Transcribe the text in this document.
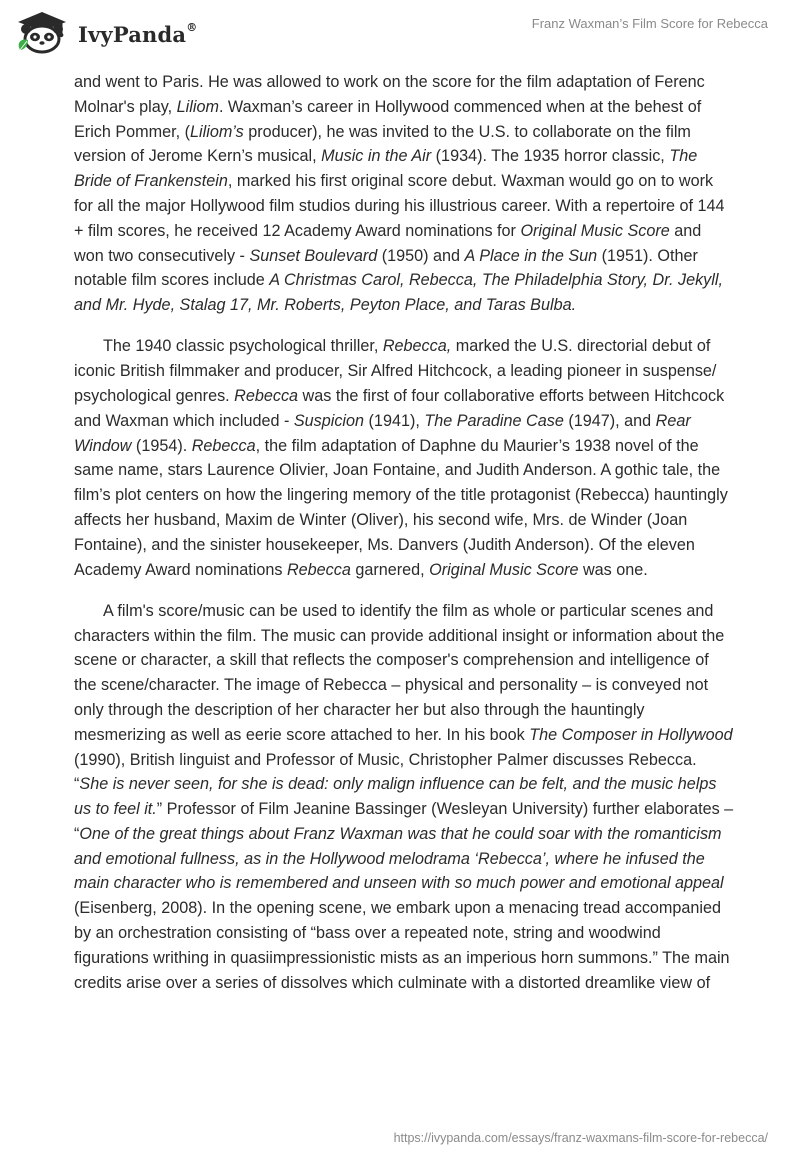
IvyPanda®	Franz Waxman’s Film Score for Rebecca

and went to Paris. He was allowed to work on the score for the film adaptation of Ferenc Molnar's play, Liliom. Waxman’s career in Hollywood commenced when at the behest of Erich Pommer, (Liliom’s producer), he was invited to the U.S. to collaborate on the film version of Jerome Kern’s musical, Music in the Air (1934). The 1935 horror classic, The Bride of Frankenstein, marked his first original score debut. Waxman would go on to work for all the major Hollywood film studios during his illustrious career. With a repertoire of 144 + film scores, he received 12 Academy Award nominations for Original Music Score and won two consecutively - Sunset Boulevard (1950) and A Place in the Sun (1951). Other notable film scores include A Christmas Carol, Rebecca, The Philadelphia Story, Dr. Jekyll, and Mr. Hyde, Stalag 17, Mr. Roberts, Peyton Place, and Taras Bulba.

The 1940 classic psychological thriller, Rebecca, marked the U.S. directorial debut of iconic British filmmaker and producer, Sir Alfred Hitchcock, a leading pioneer in suspense/ psychological genres. Rebecca was the first of four collaborative efforts between Hitchcock and Waxman which included - Suspicion (1941), The Paradine Case (1947), and Rear Window (1954). Rebecca, the film adaptation of Daphne du Maurier’s 1938 novel of the same name, stars Laurence Olivier, Joan Fontaine, and Judith Anderson. A gothic tale, the film’s plot centers on how the lingering memory of the title protagonist (Rebecca) hauntingly affects her husband, Maxim de Winter (Oliver), his second wife, Mrs. de Winder (Joan Fontaine), and the sinister housekeeper, Ms. Danvers (Judith Anderson). Of the eleven Academy Award nominations Rebecca garnered, Original Music Score was one.

A film's score/music can be used to identify the film as whole or particular scenes and characters within the film. The music can provide additional insight or information about the scene or character, a skill that reflects the composer's comprehension and intelligence of the scene/character. The image of Rebecca – physical and personality – is conveyed not only through the description of her character her but also through the hauntingly mesmerizing as well as eerie score attached to her. In his book The Composer in Hollywood (1990), British linguist and Professor of Music, Christopher Palmer discusses Rebecca. “She is never seen, for she is dead: only malign influence can be felt, and the music helps us to feel it.” Professor of Film Jeanine Bassinger (Wesleyan University) further elaborates – “One of the great things about Franz Waxman was that he could soar with the romanticism and emotional fullness, as in the Hollywood melodrama ‘Rebecca’, where he infused the main character who is remembered and unseen with so much power and emotional appeal (Eisenberg, 2008). In the opening scene, we embark upon a menacing tread accompanied by an orchestration consisting of “bass over a repeated note, string and woodwind figurations writhing in quasiimpressionistic mists as an imperious horn summons.” The main credits arise over a series of dissolves which culminate with a distorted dreamlike view of

https://ivypanda.com/essays/franz-waxmans-film-score-for-rebecca/
